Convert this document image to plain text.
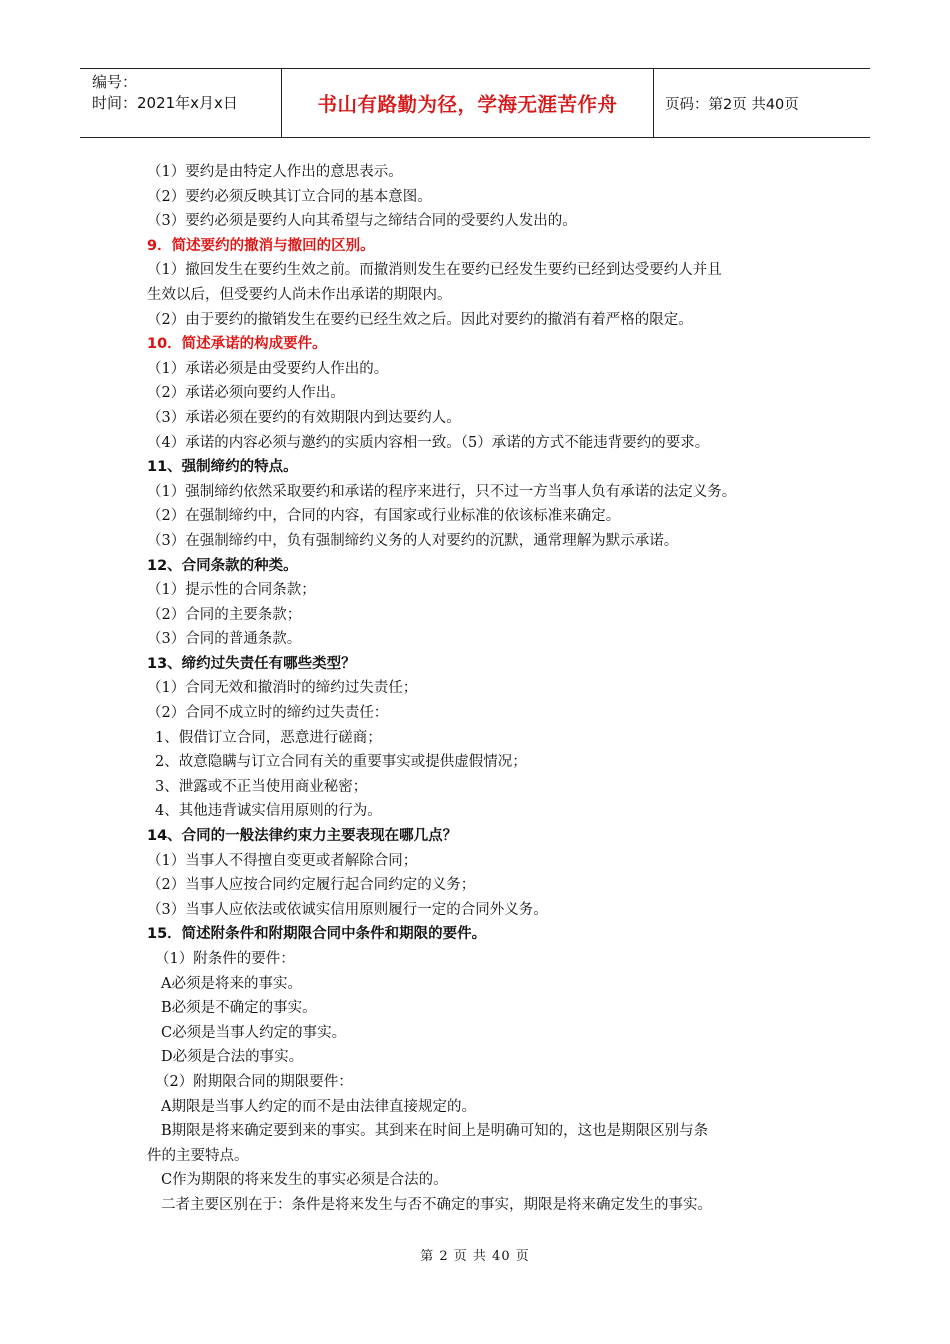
编号：
时间：2021年x月x日	书山有路勤为径，学海无涯苦作舟	页码：第2页 共40页
（1）要约是由特定人作出的意思表示。
（2）要约必须反映其订立合同的基本意图。
（3）要约必须是要约人向其希望与之缔结合同的受要约人发出的。
9．简述要约的撤消与撤回的区别。
（1）撤回发生在要约生效之前。而撤消则发生在要约已经发生要约已经到达受要约人并且
生效以后，但受要约人尚未作出承诺的期限内。
（2）由于要约的撤销发生在要约已经生效之后。因此对要约的撤消有着严格的限定。
10．简述承诺的构成要件。
（1）承诺必须是由受要约人作出的。
（2）承诺必须向要约人作出。
（3）承诺必须在要约的有效期限内到达要约人。
（4）承诺的内容必须与邀约的实质内容相一致。（5）承诺的方式不能违背要约的要求。
11、强制缔约的特点。
（1）强制缔约依然采取要约和承诺的程序来进行，只不过一方当事人负有承诺的法定义务。
（2）在强制缔约中，合同的内容，有国家或行业标准的依该标准来确定。
（3）在强制缔约中，负有强制缔约义务的人对要约的沉默，通常理解为默示承诺。
12、合同条款的种类。
（1）提示性的合同条款；
（2）合同的主要条款；
（3）合同的普通条款。
13、缔约过失责任有哪些类型？
（1）合同无效和撤消时的缔约过失责任；
（2）合同不成立时的缔约过失责任：
1、假借订立合同，恶意进行磋商；
2、故意隐瞒与订立合同有关的重要事实或提供虚假情况；
3、泄露或不正当使用商业秘密；
4、其他违背诚实信用原则的行为。
14、合同的一般法律约束力主要表现在哪几点？
（1）当事人不得擅自变更或者解除合同；
（2）当事人应按合同约定履行起合同约定的义务；
（3）当事人应依法或依诚实信用原则履行一定的合同外义务。
15．简述附条件和附期限合同中条件和期限的要件。
（1）附条件的要件：
A必须是将来的事实。
B必须是不确定的事实。
C必须是当事人约定的事实。
D必须是合法的事实。
（2）附期限合同的期限要件：
A期限是当事人约定的而不是由法律直接规定的。
B期限是将来确定要到来的事实。其到来在时间上是明确可知的，这也是期限区别与条
件的主要特点。
C作为期限的将来发生的事实必须是合法的。
二者主要区别在于：条件是将来发生与否不确定的事实，期限是将来确定发生的事实。
第 2 页 共 40 页
